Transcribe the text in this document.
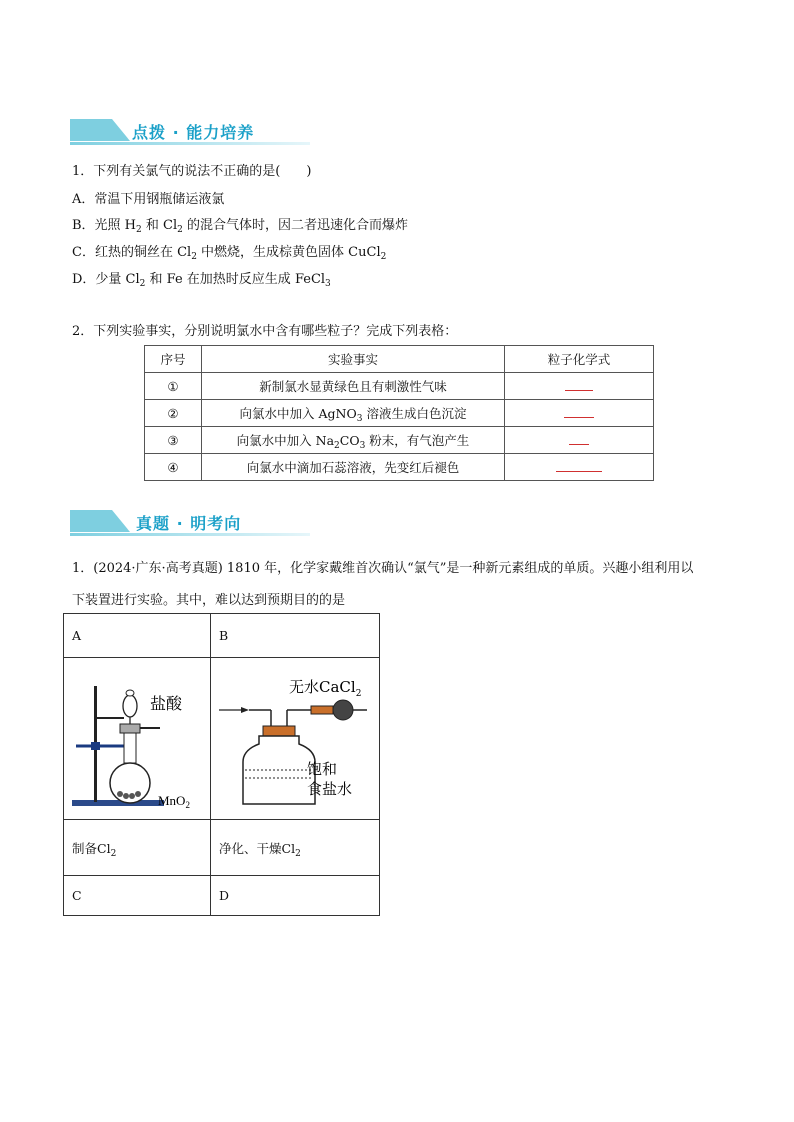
点拨 · 能力培养
1．下列有关氯气的说法不正确的是(　　)
A．常温下用钢瓶储运液氯
B．光照 $H_2$ 和 $Cl_2$ 的混合气体时，因二者迅速化合而爆炸
C．红热的铜丝在 $Cl_2$ 中燃烧，生成棕黄色固体 CuCl$_2$
D．少量 $Cl_2$ 和 Fe 在加热时反应生成 FeCl$_3$
2．下列实验事实，分别说明氯水中含有哪些粒子？完成下列表格：
序号	实验事实	粒子化学式
①	新制氯水显黄绿色且有刺激性气味	
②	向氯水中加入 AgNO$_3$ 溶液生成白色沉淀	
③	向氯水中加入 $Na_2CO_3$ 粉末，有气泡产生	
④	向氯水中滴加石蕊溶液，先变红后褪色	
真题 · 明考向
1．(2024·广东·高考真题) 1810 年，化学家戴维首次确认“氯气”是一种新元素组成的单质。兴趣小组利用以
下装置进行实验。其中，难以达到预期目的的是
A	B

盐酸
MnO$_2$	无水CaCl$_2$
饱和
食盐水

制备$Cl_2$	净化、干燥$Cl_2$
C	D
